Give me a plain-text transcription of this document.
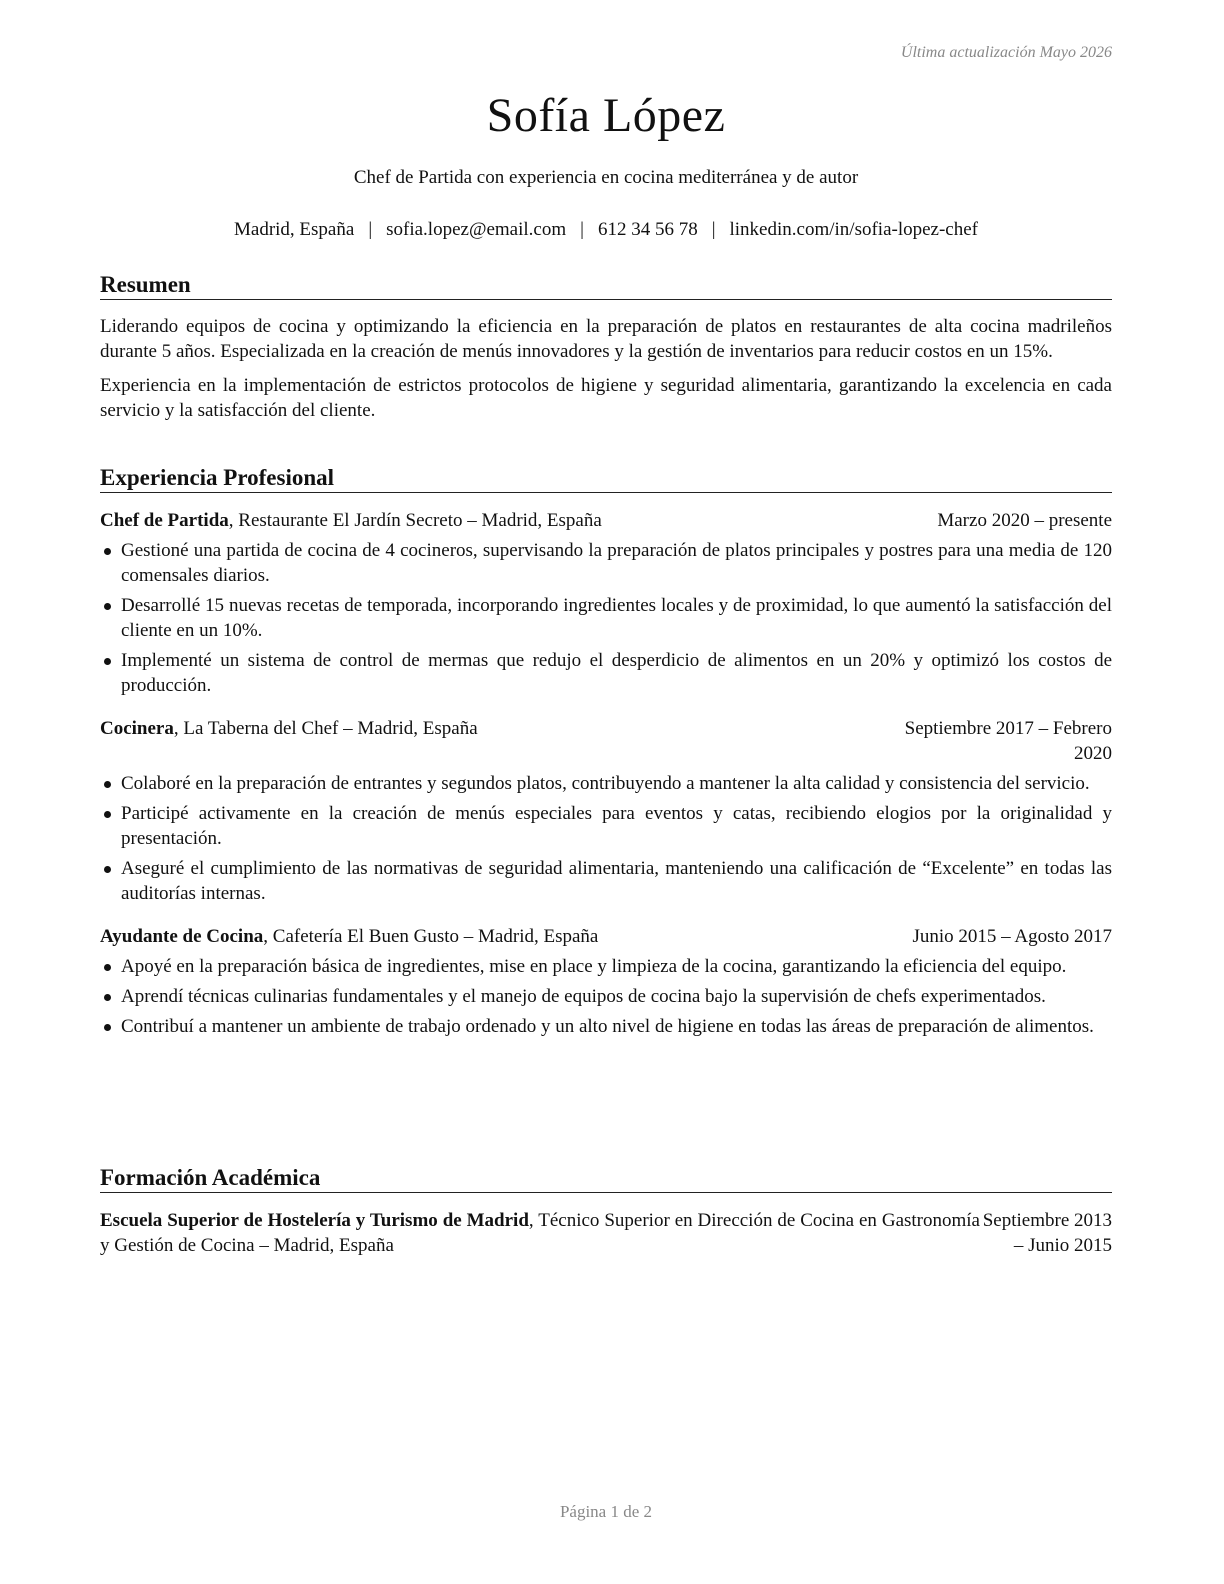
Última actualización Mayo 2026
Sofía López
Chef de Partida con experiencia en cocina mediterránea y de autor
Madrid, España | sofia.lopez@email.com | 612 34 56 78 | linkedin.com/in/sofia-lopez-chef
Resumen
Liderando equipos de cocina y optimizando la eficiencia en la preparación de platos en restaurantes de alta cocina madrileños durante 5 años. Especializada en la creación de menús innovadores y la gestión de inventarios para reducir costos en un 15%.
Experiencia en la implementación de estrictos protocolos de higiene y seguridad alimentaria, garantizando la excelencia en cada servicio y la satisfacción del cliente.
Experiencia Profesional
Chef de Partida, Restaurante El Jardín Secreto – Madrid, España	Marzo 2020 – presente
Gestioné una partida de cocina de 4 cocineros, supervisando la preparación de platos principales y postres para una media de 120 comensales diarios.
Desarrollé 15 nuevas recetas de temporada, incorporando ingredientes locales y de proximidad, lo que aumentó la satisfacción del cliente en un 10%.
Implementé un sistema de control de mermas que redujo el desperdicio de alimentos en un 20% y optimizó los costos de producción.
Cocinera, La Taberna del Chef – Madrid, España	Septiembre 2017 – Febrero 2020
Colaboré en la preparación de entrantes y segundos platos, contribuyendo a mantener la alta calidad y consistencia del servicio.
Participé activamente en la creación de menús especiales para eventos y catas, recibiendo elogios por la originalidad y presentación.
Aseguré el cumplimiento de las normativas de seguridad alimentaria, manteniendo una calificación de “Excelente” en todas las auditorías internas.
Ayudante de Cocina, Cafetería El Buen Gusto – Madrid, España	Junio 2015 – Agosto 2017
Apoyé en la preparación básica de ingredientes, mise en place y limpieza de la cocina, garantizando la eficiencia del equipo.
Aprendí técnicas culinarias fundamentales y el manejo de equipos de cocina bajo la supervisión de chefs experimentados.
Contribuí a mantener un ambiente de trabajo ordenado y un alto nivel de higiene en todas las áreas de preparación de alimentos.
Formación Académica
Escuela Superior de Hostelería y Turismo de Madrid, Técnico Superior en Dirección de Cocina en Gastronomía y Gestión de Cocina – Madrid, España
Septiembre 2013 – Junio 2015
Página 1 de 2
